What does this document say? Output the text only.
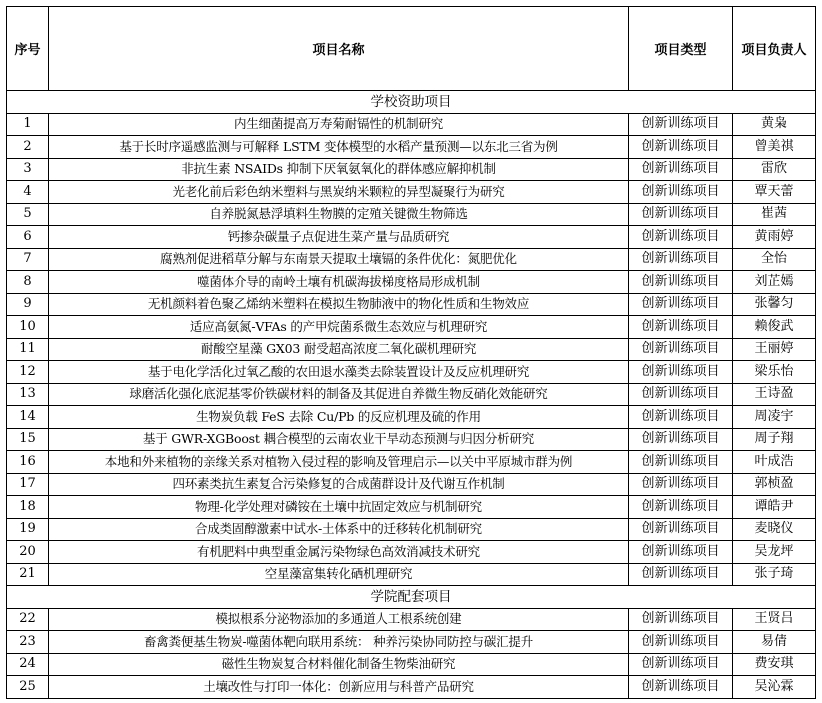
序号	项目名称	项目类型	项目负责人
学校资助项目			
1	内生细菌提高万寿菊耐镉性的机制研究	创新训练项目	黄枭
2	基于长时序遥感监测与可解释 LSTM 变体模型的水稻产量预测—以东北三省为例	创新训练项目	曾美祺
3	非抗生素 NSAIDs 抑制下厌氧氨氧化的群体感应解抑机制	创新训练项目	雷欣
4	光老化前后彩色纳米塑料与黑炭纳米颗粒的异型凝聚行为研究	创新训练项目	覃天蕾
5	自养脱氮悬浮填料生物膜的定殖关键微生物筛选	创新训练项目	崔茜
6	钙掺杂碳量子点促进生菜产量与品质研究	创新训练项目	黄雨婷
7	腐熟剂促进稻草分解与东南景天提取土壤镉的条件优化：氮肥优化	创新训练项目	全怡
8	噬菌体介导的南岭土壤有机碳海拔梯度格局形成机制	创新训练项目	刘芷嫣
9	无机颜料着色聚乙烯纳米塑料在模拟生物肺液中的物化性质和生物效应	创新训练项目	张馨匀
10	适应高氨氮-VFAs 的产甲烷菌系微生态效应与机理研究	创新训练项目	赖俊武
11	耐酸空星藻 GX03 耐受超高浓度二氧化碳机理研究	创新训练项目	王丽婷
12	基于电化学活化过氧乙酸的农田退水藻类去除装置设计及反应机理研究	创新训练项目	梁乐怡
13	球磨活化强化底泥基零价铁碳材料的制备及其促进自养微生物反硝化效能研究	创新训练项目	王诗盈
14	生物炭负载 FeS 去除 Cu/Pb 的反应机理及硫的作用	创新训练项目	周凌宇
15	基于 GWR-XGBoost 耦合模型的云南农业干旱动态预测与归因分析研究	创新训练项目	周子翔
16	本地和外来植物的亲缘关系对植物入侵过程的影响及管理启示—以关中平原城市群为例	创新训练项目	叶成浩
17	四环素类抗生素复合污染修复的合成菌群设计及代谢互作机制	创新训练项目	郭桢盈
18	物理-化学处理对磷铵在土壤中抗固定效应与机制研究	创新训练项目	谭皓尹
19	合成类固醇激素中试水-土体系中的迁移转化机制研究	创新训练项目	麦晓仪
20	有机肥料中典型重金属污染物绿色高效消减技术研究	创新训练项目	吴龙坪
21	空星藻富集转化硒机理研究	创新训练项目	张子琦
学院配套项目			
22	模拟根系分泌物添加的多通道人工根系统创建	创新训练项目	王贤吕
23	畜禽粪便基生物炭-噬菌体靶向联用系统： 种养污染协同防控与碳汇提升	创新训练项目	易倩
24	磁性生物炭复合材料催化制备生物柴油研究	创新训练项目	费安琪
25	土壤改性与打印一体化：创新应用与科普产品研究	创新训练项目	吴沁霖
